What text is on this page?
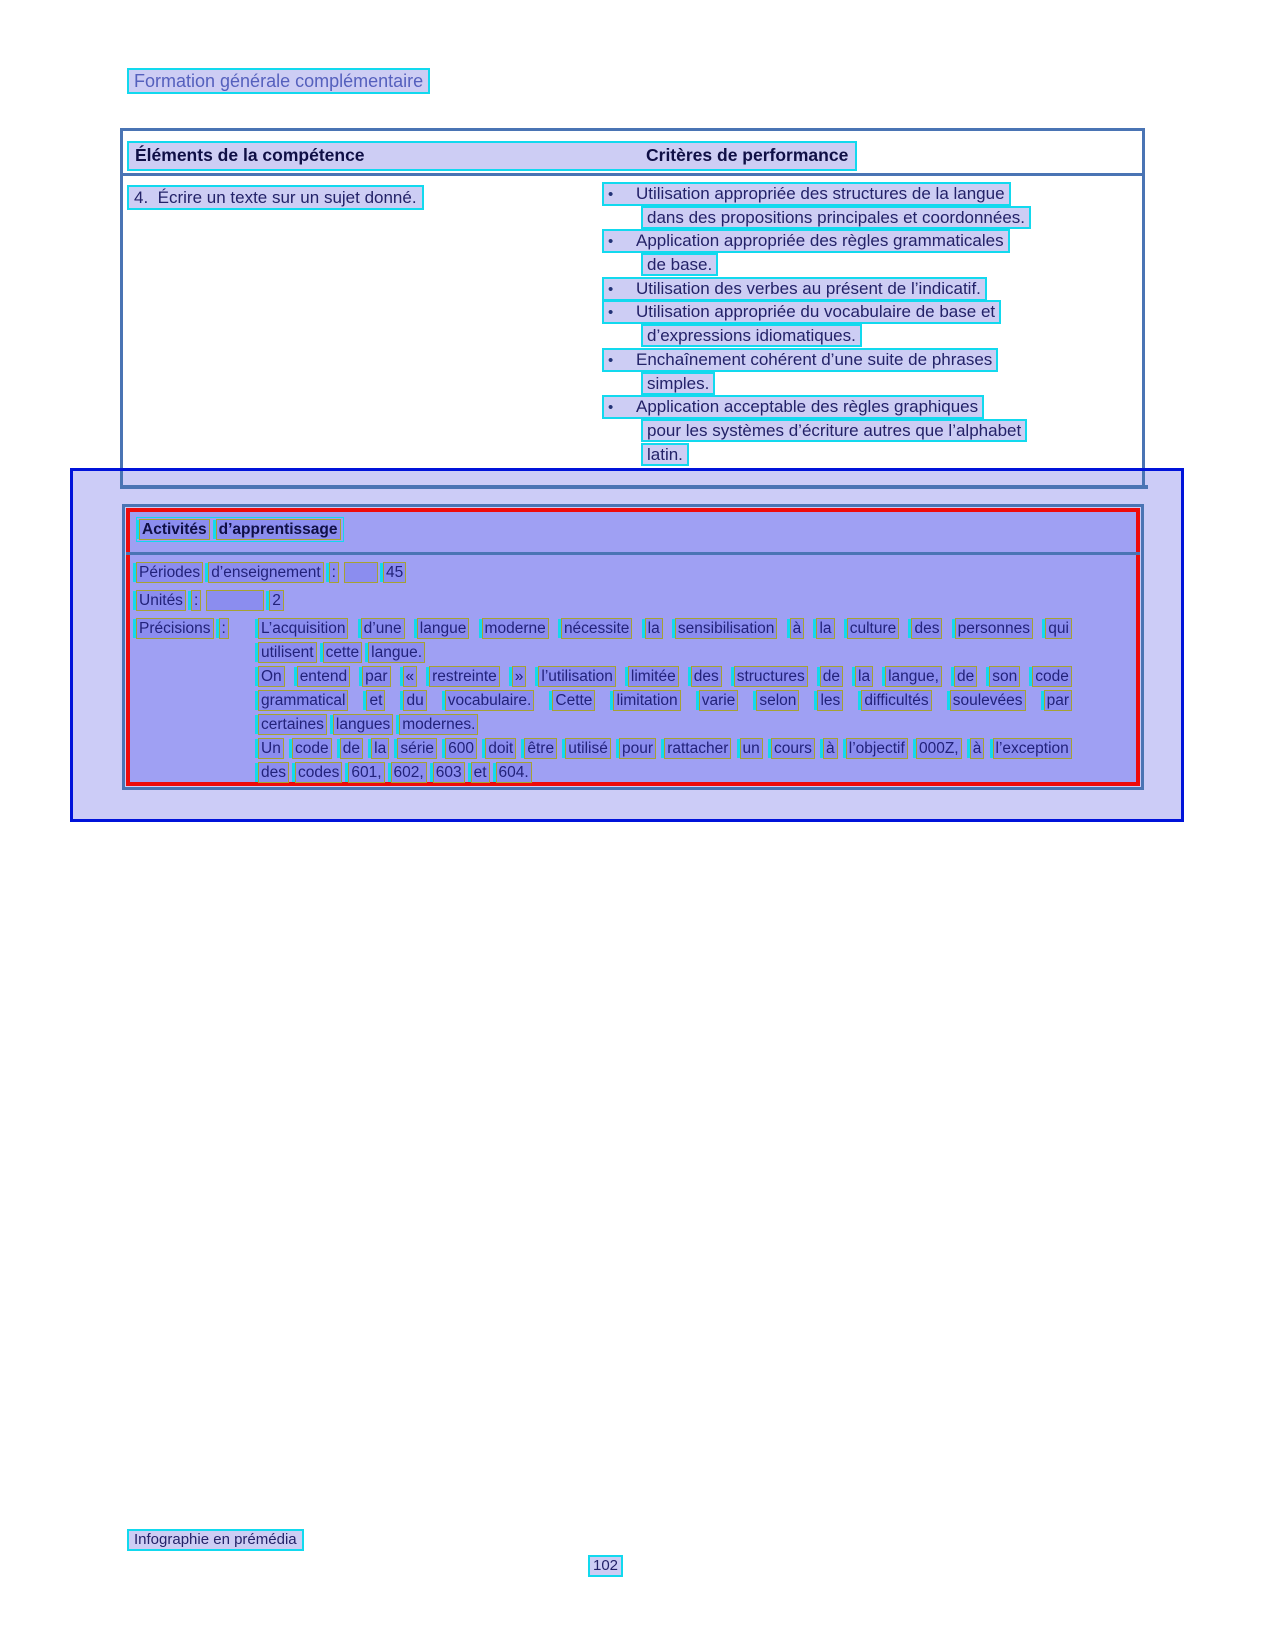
Formation générale complémentaire
Éléments de la compétence	Critères de performance
4. Écrire un texte sur un sujet donné.	• Utilisation appropriée des structures de la langue
dans des propositions principales et coordonnées.
• Application appropriée des règles grammaticales
de base.
• Utilisation des verbes au présent de l’indicatif.
• Utilisation appropriée du vocabulaire de base et
d’expressions idiomatiques.
• Enchaînement cohérent d’une suite de phrases
simples.
• Application acceptable des règles graphiques
pour les systèmes d’écriture autres que l’alphabet
latin.
Activités d’apprentissage
Périodes d’enseignement :
	45
Unités :
	2
Précisions : L’acquisition d’une langue moderne nécessite la sensibilisation à la culture des personnes qui
utilisent cette langue.
On entend par « restreinte » l’utilisation limitée des structures de la langue, de son code
grammatical et du vocabulaire. Cette limitation varie selon les difficultés soulevées par
certaines langues modernes.
Un code de la série 600 doit être utilisé pour rattacher un cours à l’objectif 000Z, à l’exception
des codes 601, 602, 603 et 604.
Infographie en prémédia
102
